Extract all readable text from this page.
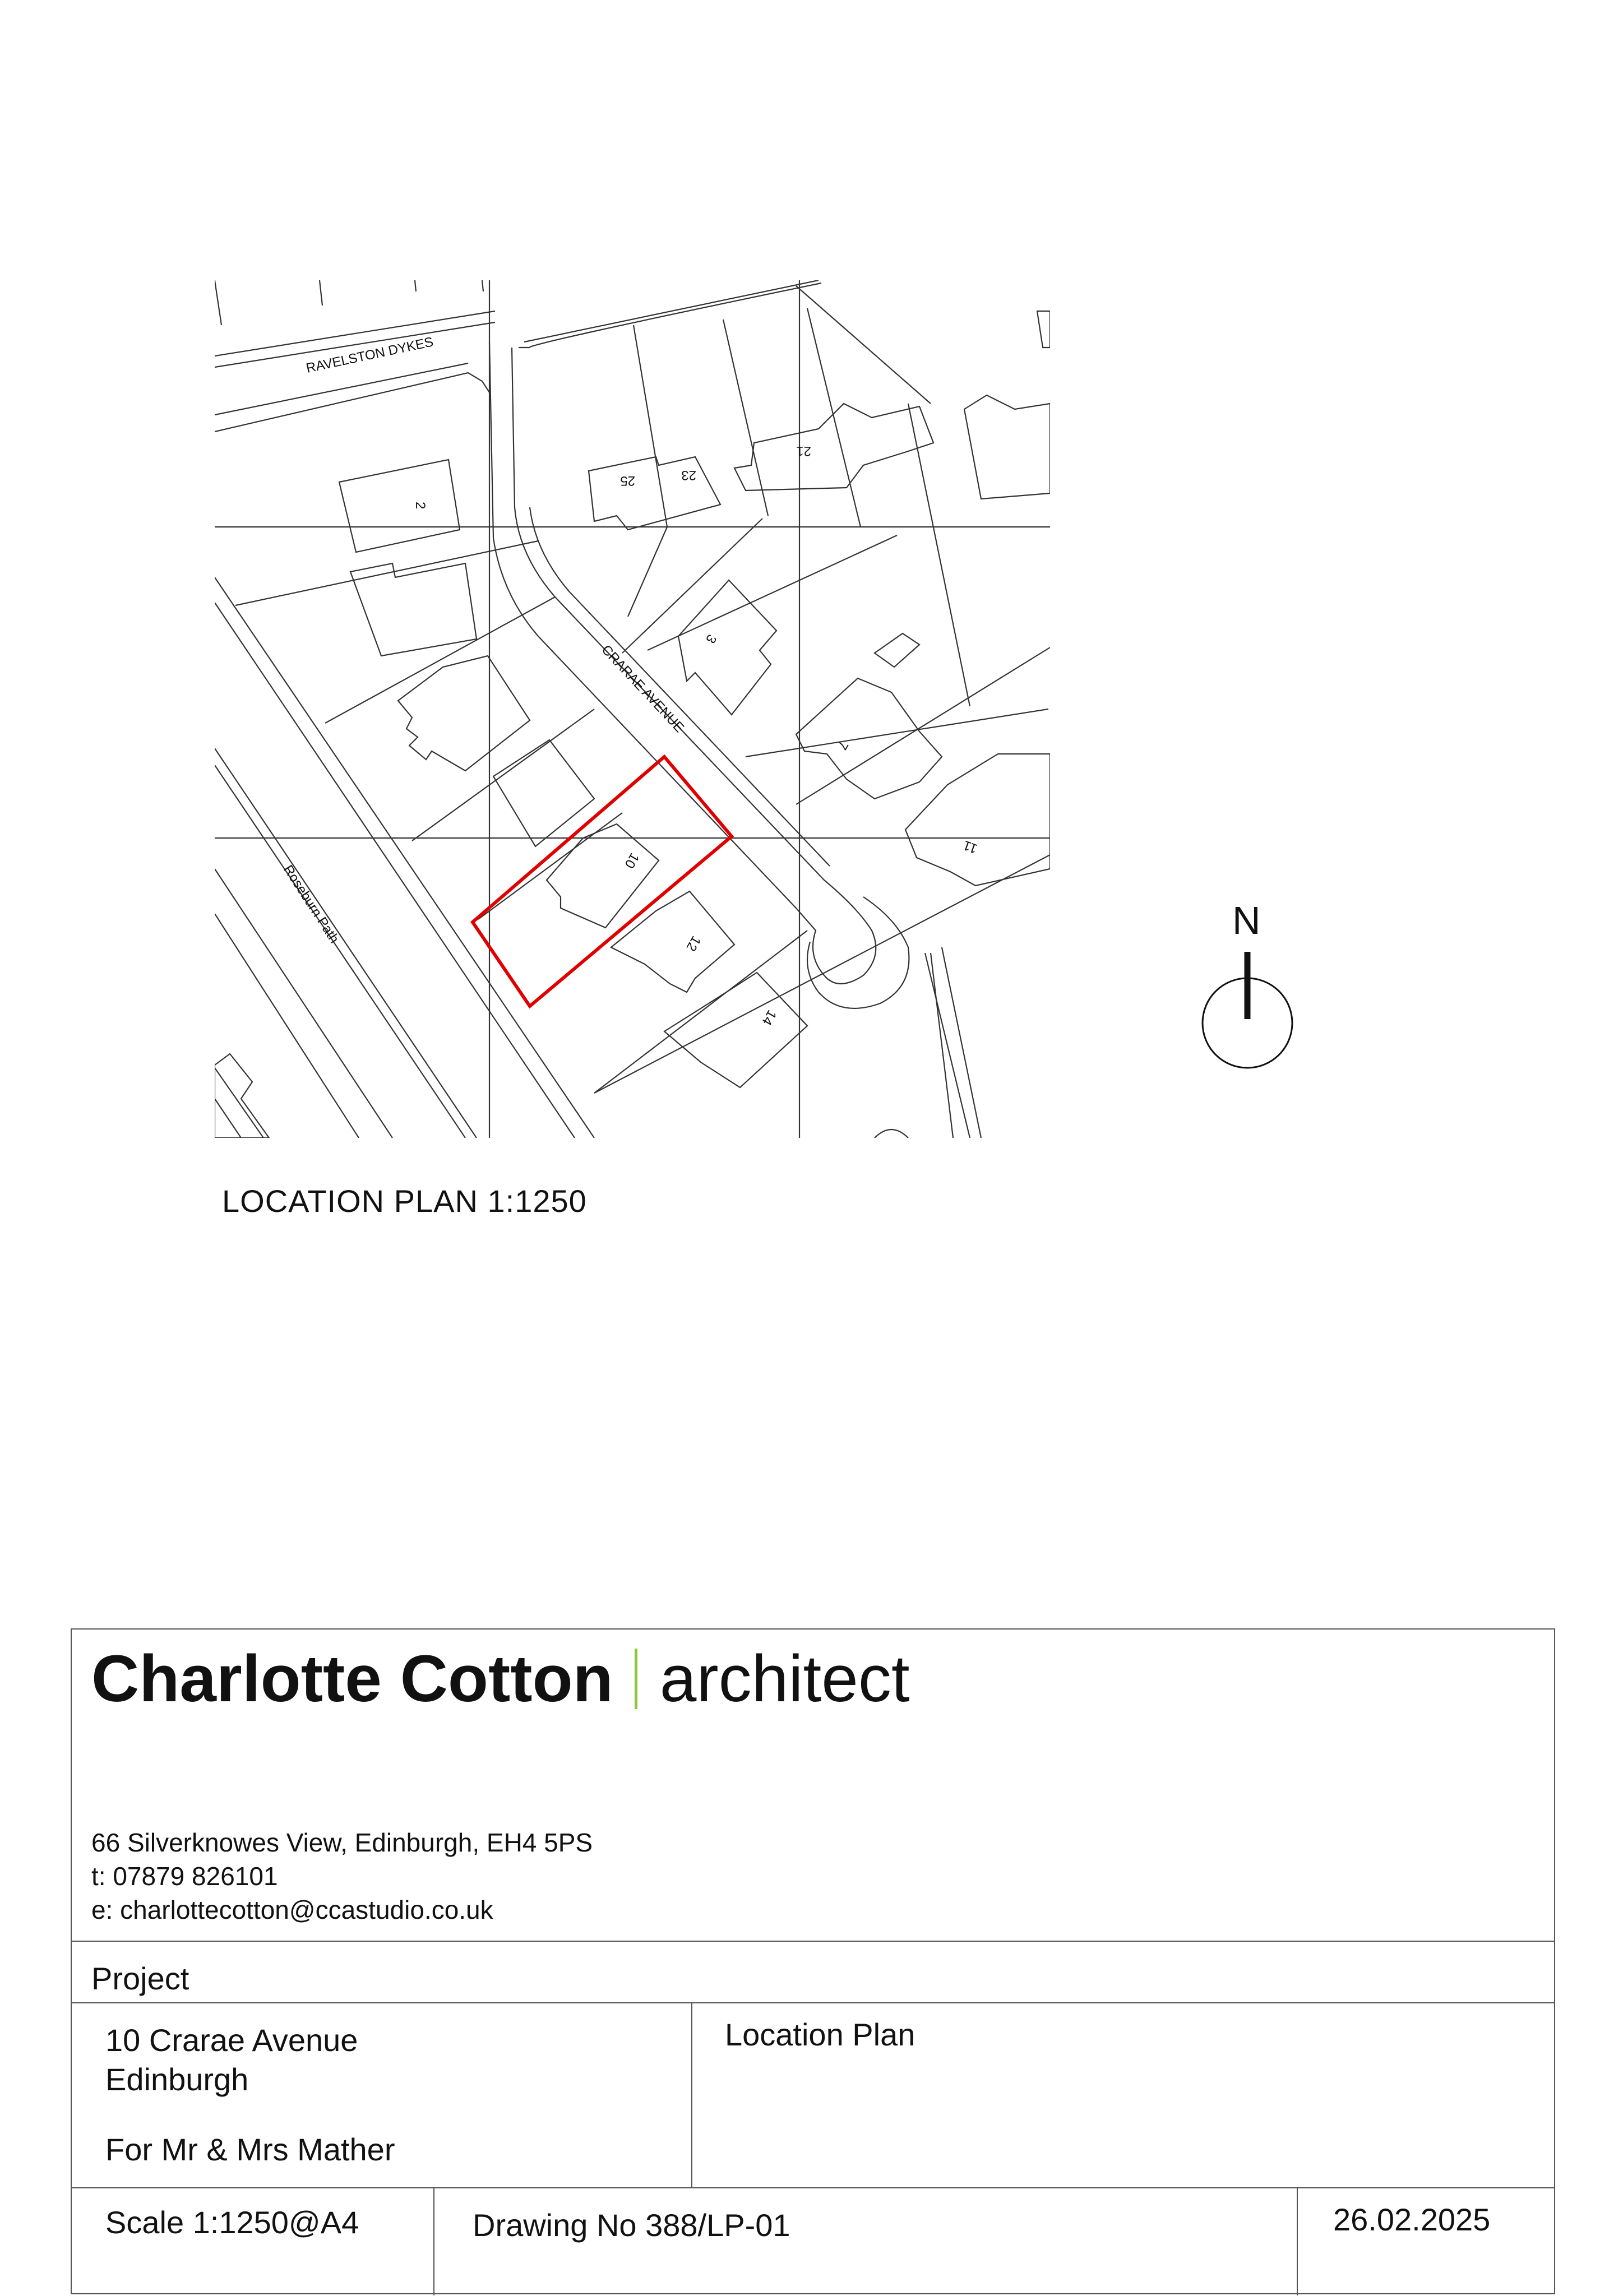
RAVELSTON DYKES
CRARAE AVENUE
Roseburn Path
2
25	23
21
3
7
11
10
12
14
N
LOCATION PLAN 1:1250
Charlotte Cotton architect
66 Silverknowes View, Edinburgh, EH4 5PS
t: 07879 826101
e: charlottecotton@ccastudio.co.uk
Project
10 Crarae Avenue
Edinburgh
For Mr & Mrs Mather
Location Plan
Scale 1:1250@A4	Drawing No 388/LP-01	26.02.2025
